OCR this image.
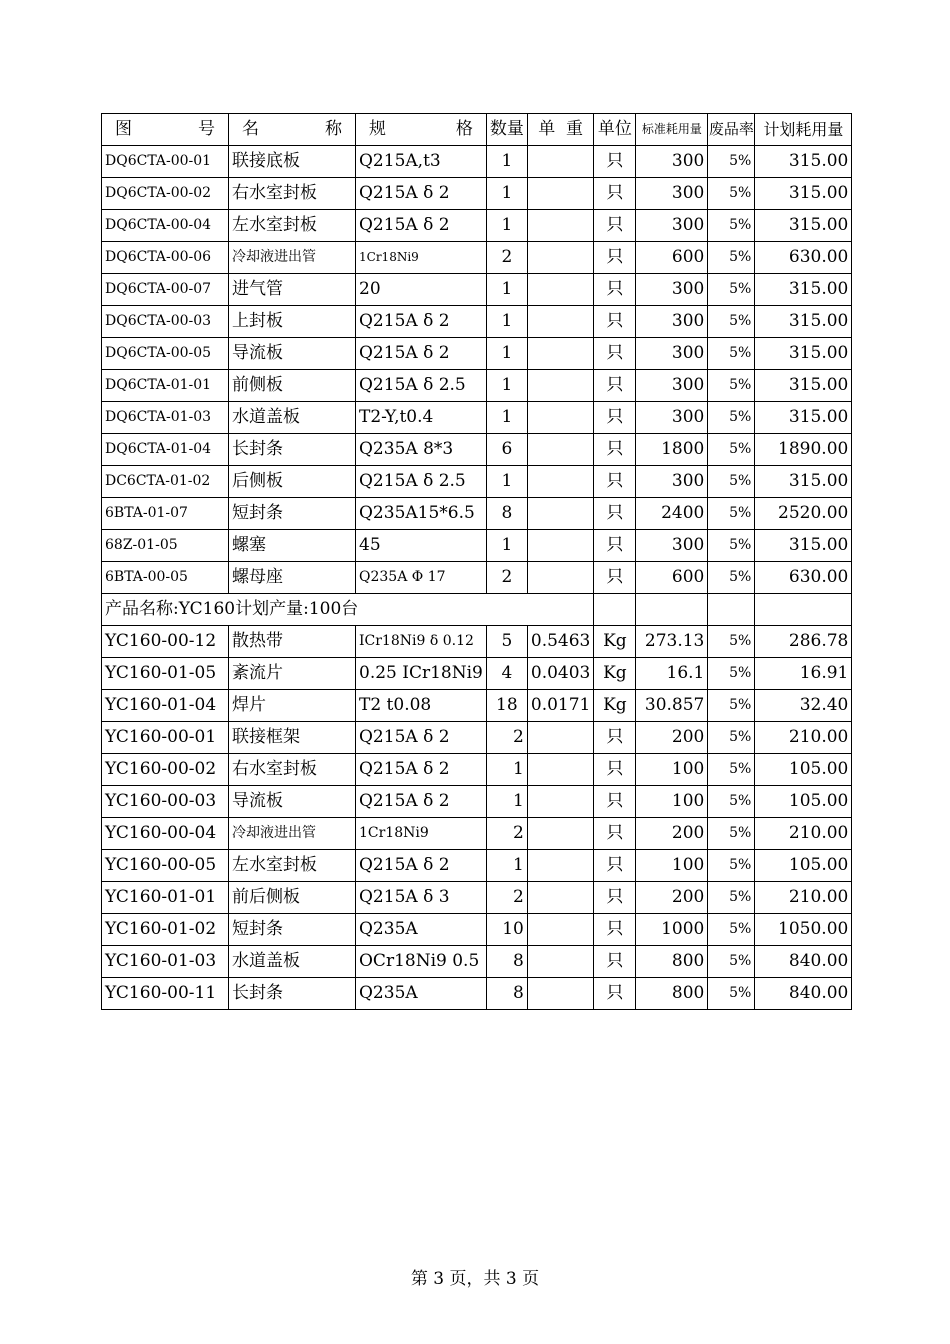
图 号	名 称	规 格	数量	单 重	单位	标准耗用量	废品率	计划耗用量
DQ6CTA-00-01	联接底板	Q215A,t3	1		只	300	5%	315.00
DQ6CTA-00-02	右水室封板	Q215A δ 2	1		只	300	5%	315.00
DQ6CTA-00-04	左水室封板	Q215A δ 2	1		只	300	5%	315.00
DQ6CTA-00-06	冷却液进出管	1Cr18Ni9	2		只	600	5%	630.00
DQ6CTA-00-07	进气管	20	1		只	300	5%	315.00
DQ6CTA-00-03	上封板	Q215A δ 2	1		只	300	5%	315.00
DQ6CTA-00-05	导流板	Q215A δ 2	1		只	300	5%	315.00
DQ6CTA-01-01	前侧板	Q215A δ 2.5	1		只	300	5%	315.00
DQ6CTA-01-03	水道盖板	T2-Y,t0.4	1		只	300	5%	315.00
DQ6CTA-01-04	长封条	Q235A 8*3	6		只	1800	5%	1890.00
DC6CTA-01-02	后侧板	Q215A δ 2.5	1		只	300	5%	315.00
6BTA-01-07	短封条	Q235A15*6.5	8		只	2400	5%	2520.00
68Z-01-05	螺塞	45	1		只	300	5%	315.00
6BTA-00-05	螺母座	Q235A Φ 17	2		只	600	5%	630.00
产品名称:YC160计划产量:100台								
YC160-00-12	散热带	ICr18Ni9 δ 0.12	5	0.5463	Kg	273.13	5%	286.78
YC160-01-05	紊流片	0.25 ICr18Ni9	4	0.0403	Kg	16.1	5%	16.91
YC160-01-04	焊片	T2 t0.08	18	0.0171	Kg	30.857	5%	32.40
YC160-00-01	联接框架	Q215A δ 2	2		只	200	5%	210.00
YC160-00-02	右水室封板	Q215A δ 2	1		只	100	5%	105.00
YC160-00-03	导流板	Q215A δ 2	1		只	100	5%	105.00
YC160-00-04	冷却液进出管	1Cr18Ni9	2		只	200	5%	210.00
YC160-00-05	左水室封板	Q215A δ 2	1		只	100	5%	105.00
YC160-01-01	前后侧板	Q215A δ 3	2		只	200	5%	210.00
YC160-01-02	短封条	Q235A	10		只	1000	5%	1050.00
YC160-01-03	水道盖板	OCr18Ni9 0.5	8		只	800	5%	840.00
YC160-00-11	长封条	Q235A	8		只	800	5%	840.00
第 3 页，共 3 页
